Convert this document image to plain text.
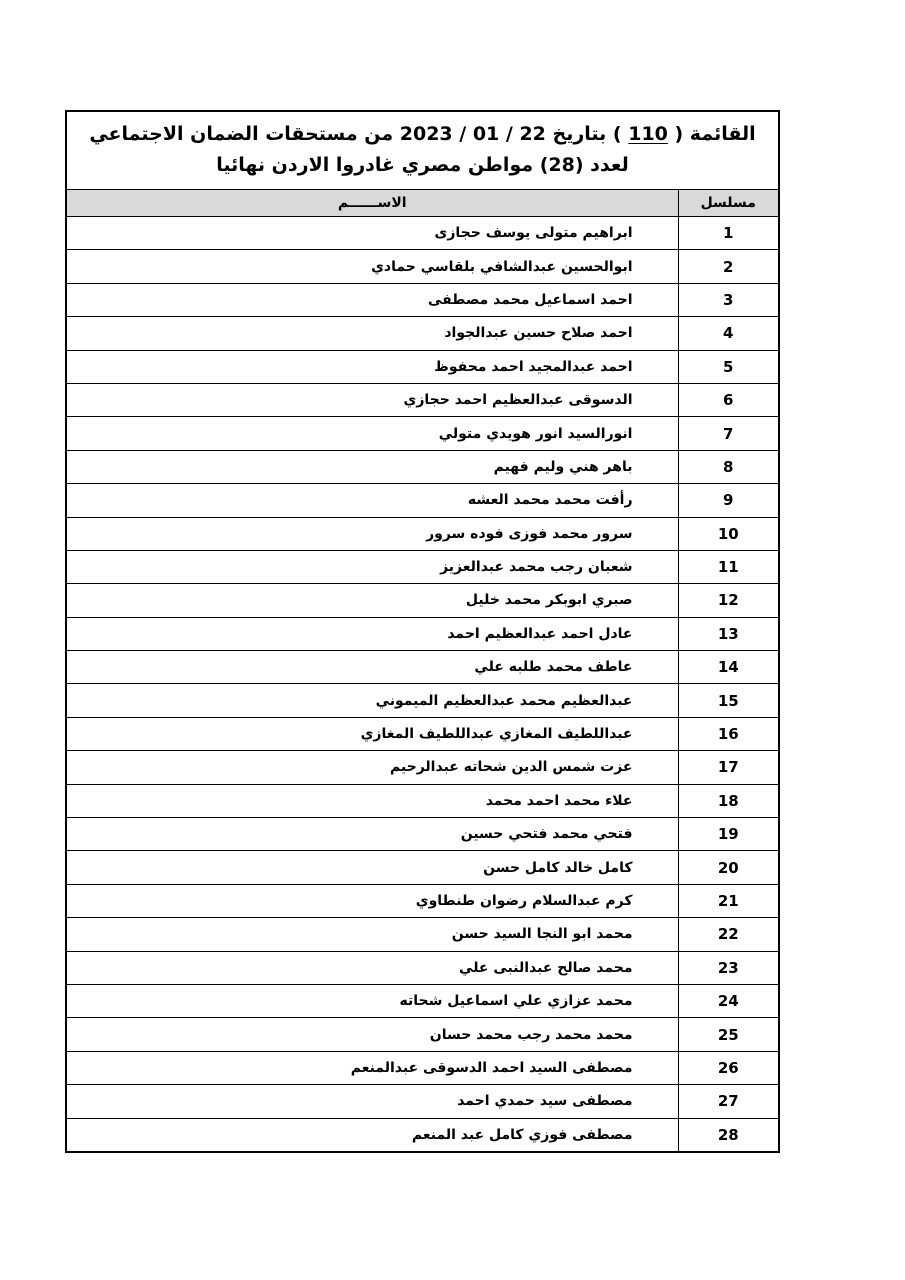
القائمة ( 110 ) بتاريخ 22 / 01 / 2023 من مستحقات الضمان الاجتماعي
لعدد (28) مواطن مصري غادروا الاردن نهائيا
مسلسل	الاســــــم
1	ابراهيم متولى يوسف حجازى
2	ابوالحسين عبدالشافي بلقاسي حمادي
3	احمد اسماعيل محمد مصطفى
4	احمد صلاح حسين عبدالجواد
5	احمد عبدالمجيد احمد محفوظ
6	الدسوقى عبدالعظيم احمد حجازي
7	انورالسيد انور هويدي متولي
8	باهر هني وليم فهيم
9	رأفت محمد محمد العشه
10	سرور محمد فوزى فوده سرور
11	شعبان رجب محمد عبدالعزيز
12	صبري ابوبكر محمد خليل
13	عادل احمد عبدالعظيم احمد
14	عاطف محمد طلبه علي
15	عبدالعظيم محمد عبدالعظيم الميموني
16	عبداللطيف المغازي عبداللطيف المغازي
17	عزت شمس الدين شحاته عبدالرحيم
18	علاء محمد احمد محمد
19	فتحي محمد فتحي حسين
20	كامل خالد كامل حسن
21	كرم عبدالسلام رضوان طنطاوي
22	محمد ابو النجا السيد حسن
23	محمد صالح عبدالنبى علي
24	محمد عزازي علي اسماعيل شحاته
25	محمد محمد رجب محمد حسان
26	مصطفى السيد احمد الدسوقى عبدالمنعم
27	مصطفى سيد حمدي احمد
28	مصطفى فوزي كامل عبد المنعم
